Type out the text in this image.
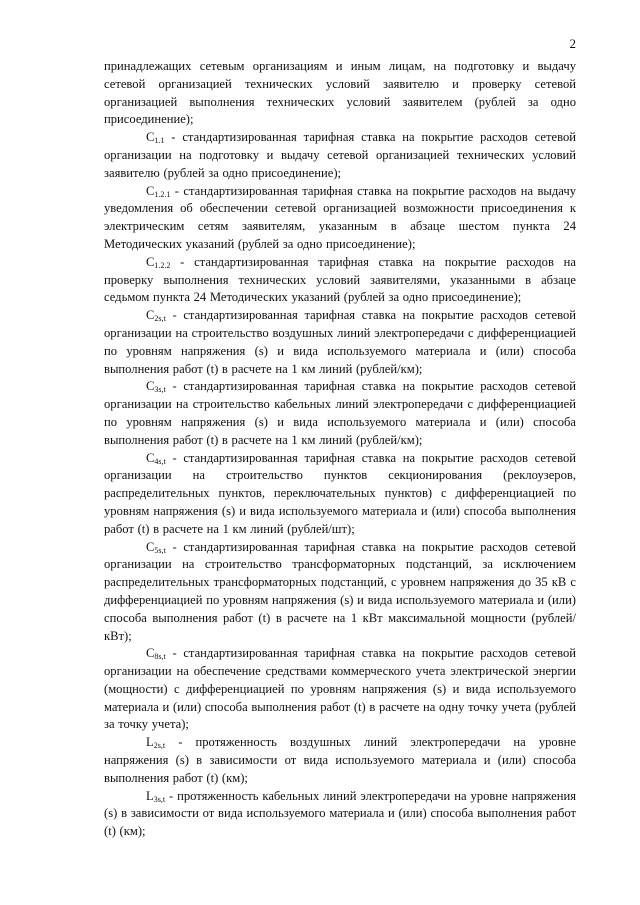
2

принадлежащих сетевым организациям и иным лицам, на подготовку и выдачу сетевой организацией технических условий заявителю и проверку сетевой организацией выполнения технических условий заявителем (рублей за одно присоединение);

$C_{1.1}$ - стандартизированная тарифная ставка на покрытие расходов сетевой организации на подготовку и выдачу сетевой организацией технических условий заявителю (рублей за одно присоединение);

$C_{1.2.1}$ - стандартизированная тарифная ставка на покрытие расходов на выдачу уведомления об обеспечении сетевой организацией возможности присоединения к электрическим сетям заявителям, указанным в абзаце шестом пункта 24 Методических указаний (рублей за одно присоединение);

$C_{1.2.2}$ - стандартизированная тарифная ставка на покрытие расходов на проверку выполнения технических условий заявителями, указанными в абзаце седьмом пункта 24 Методических указаний (рублей за одно присоединение);

$C_{2s,t}$ - стандартизированная тарифная ставка на покрытие расходов сетевой организации на строительство воздушных линий электропередачи с дифференциацией по уровням напряжения (s) и вида используемого материала и (или) способа выполнения работ (t) в расчете на 1 км линий (рублей/км);

$C_{3s,t}$ - стандартизированная тарифная ставка на покрытие расходов сетевой организации на строительство кабельных линий электропередачи с дифференциацией по уровням напряжения (s) и вида используемого материала и (или) способа выполнения работ (t) в расчете на 1 км линий (рублей/км);

$C_{4s,t}$ - стандартизированная тарифная ставка на покрытие расходов сетевой организации на строительство пунктов секционирования (реклоузеров, распределительных пунктов, переключательных пунктов) с дифференциацией по уровням напряжения (s) и вида используемого материала и (или) способа выполнения работ (t) в расчете на 1 км линий (рублей/шт);

$C_{5s,t}$ - стандартизированная тарифная ставка на покрытие расходов сетевой организации на строительство трансформаторных подстанций, за исключением распределительных трансформаторных подстанций, с уровнем напряжения до 35 кВ с дифференциацией по уровням напряжения (s) и вида используемого материала и (или) способа выполнения работ (t) в расчете на 1 кВт максимальной мощности (рублей/кВт);

$C_{8s,t}$ - стандартизированная тарифная ставка на покрытие расходов сетевой организации на обеспечение средствами коммерческого учета электрической энергии (мощности) с дифференциацией по уровням напряжения (s) и вида используемого материала и (или) способа выполнения работ (t) в расчете на одну точку учета (рублей за точку учета);

$L_{2s,t}$ - протяженность воздушных линий электропередачи на уровне напряжения (s) в зависимости от вида используемого материала и (или) способа выполнения работ (t) (км);

$L_{3s,t}$ - протяженность кабельных линий электропередачи на уровне напряжения (s) в зависимости от вида используемого материала и (или) способа выполнения работ (t) (км);
